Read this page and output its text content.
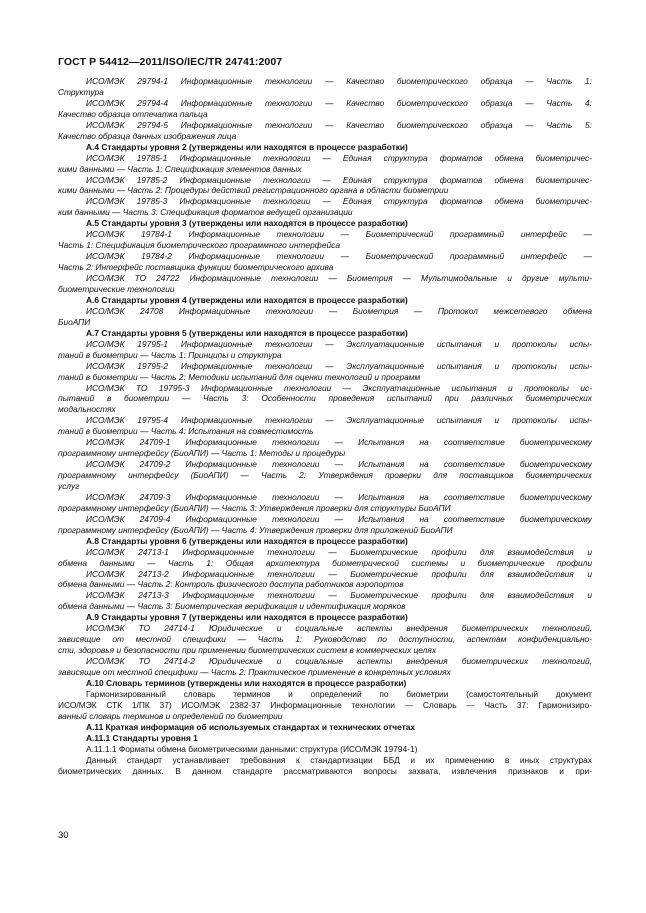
ГОСТ Р 54412—2011/ISO/IEC/TR 24741:2007
ИСО/МЭК 29794-1 Информационные технологии — Качество биометрического образца — Часть 1:
Структура
ИСО/МЭК 29794-4 Информационные технологии — Качество биометрического образца — Часть 4:
Качество образца отпечатка пальца
ИСО/МЭК 29794-5 Информационные технологии — Качество биометрического образца — Часть 5:
Качество образца данных изображения лица
А.4 Стандарты уровня 2 (утверждены или находятся в процессе разработки)
ИСО/МЭК 19785-1 Информационные технологии — Единая структура форматов обмена биометричес-
кими данными — Часть 1: Спецификация элементов данных
ИСО/МЭК 19785-2 Информационные технологии — Единая структура форматов обмена биометричес-
кими данными — Часть 2: Процедуры действий регистрационного органа в области биометрии
ИСО/МЭК 19785-3 Информационные технологии — Единая структура форматов обмена биометричес-
ким данными — Часть 3: Спецификация форматов ведущей организации
А.5 Стандарты уровня 3 (утверждены или находятся в процессе разработки)
ИСО/МЭК 19784-1 Информационные технологии — Биометрический программный интерфейс —
Часть 1: Спецификация биометрического программного интерфейса
ИСО/МЭК 19784-2 Информационные технологии — Биометрический программный интерфейс —
Часть 2: Интерфейс поставщика функции биометрического архива
ИСО/МЭК ТО 24722 Информационные технологии — Биометрия — Мультимодальные и другие мульти-
биометрические технологии
А.6 Стандарты уровня 4 (утверждены или находятся в процессе разработки)
ИСО/МЭК 24708 Информационные технологии — Биометрия — Протокол межсетевого обмена
БиоАПИ
А.7 Стандарты уровня 5 (утверждены или находятся в процессе разработки)
ИСО/МЭК 19795-1 Информационные технологии — Эксплуатационные испытания и протоколы испы-
таний в биометрии — Часть 1: Принципы и структура
ИСО/МЭК 19795-2 Информационные технологии — Эксплуатационные испытания и протоколы испы-
таний в биометрии — Часть 2: Методики испытаний для оценки технологий и программ
ИСО/МЭК ТО 19795-3 Информационные технологии — Эксплуатационные испытания и протоколы ис-
пытаний в биометрии — Часть 3: Особенности проведения испытаний при различных биометрических
модальностях
ИСО/МЭК 19795-4 Информационные технологии — Эксплуатационные испытания и протоколы испы-
таний в биометрии — Часть 4: Испытания на совместимость
ИСО/МЭК 24709-1 Информационные технологии — Испытания на соответствие биометрическому
программному интерфейсу (БиоАПИ) — Часть 1: Методы и процедуры
ИСО/МЭК 24709-2 Информационные технологии — Испытания на соответствие биометрическому
программному интерфейсу (БиоАПИ) — Часть 2: Утверждения проверки для поставщиков биометрических
услуг
ИСО/МЭК 24709-3 Информационные технологии — Испытания на соответствие биометрическому
программному интерфейсу (БиоАПИ) — Часть 3: Утверждения проверки для структуры БиоАПИ
ИСО/МЭК 24709-4 Информационные технологии — Испытания на соответствие биометрическому
программному интерфейсу (БиоАПИ) — Часть 4: Утверждения проверки для приложений БиоАПИ
А.8 Стандарты уровня 6 (утверждены или находятся в процессе разработки)
ИСО/МЭК 24713-1 Информационные технологии — Биометрические профили для взаимодействия и
обмена данными — Часть 1: Общая архитектура биометрической системы и биометрические профили
ИСО/МЭК 24713-2 Информационные технологии — Биометрические профили для взаимодействия и
обмена данными — Часть 2: Контроль физического доступа работников аэропортов
ИСО/МЭК 24713-3 Информационные технологии — Биометрические профили для взаимодействия и
обмена данными — Часть 3: Биометрическая верификация и идентификация моряков
А.9 Стандарты уровня 7 (утверждены или находятся в процессе разработки)
ИСО/МЭК ТО 24714-1 Юридические и социальные аспекты внедрения биометрических технологий,
зависящие от местной специфики — Часть 1: Руководство по доступности, аспектам конфиденциально-
сти, здоровья и безопасности при применении биометрических систем в коммерческих целях
ИСО/МЭК ТО 24714-2 Юридические и социальные аспекты внедрения биометрических технологий,
зависящие от местной специфики — Часть 2: Практическое применение в конкретных условиях
А.10 Словарь терминов (утверждены или находятся в процессе разработки)
Гармонизированный словарь терминов и определений по биометрии (самостоятельный документ
ИСО/МЭК СТК 1/ПК 37) ИСО/МЭК 2382-37 Информационные технологии — Словарь — Часть 37: Гармонизиро-
ванный словарь терминов и определений по биометрии
А.11 Краткая информация об используемых стандартах и технических отчетах
А.11.1 Стандарты уровня 1
А.11.1.1 Форматы обмена биометрическими данными: структура (ИСО/МЭК 19794-1)
Данный стандарт устанавливает требования к стандартизации ББД и их применению в иных структурах
биометрических данных. В данном стандарте рассматриваются вопросы захвата, извлечения признаков и при-
30
